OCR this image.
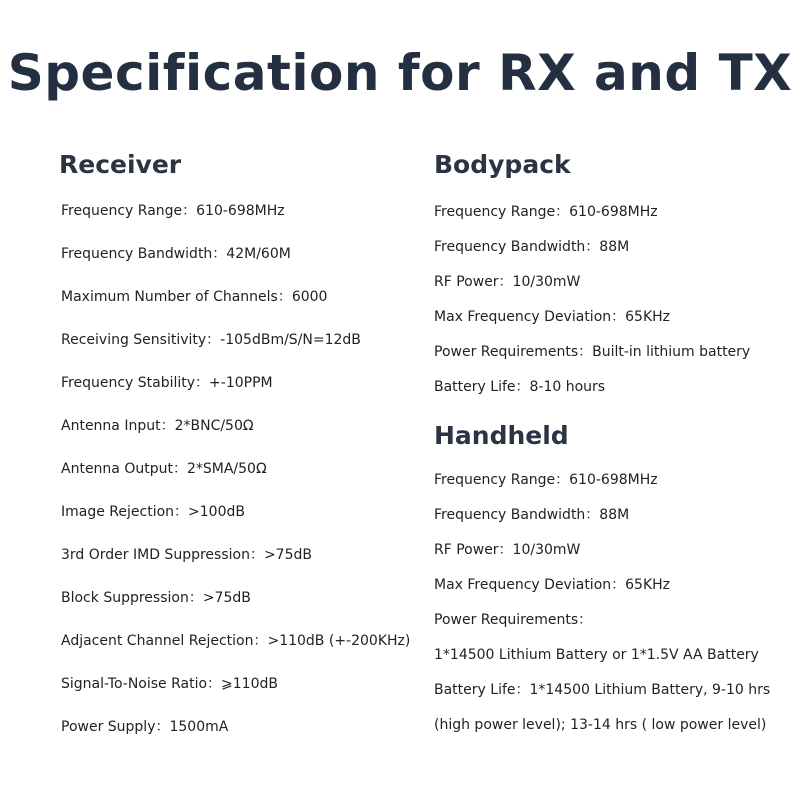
Specification for RX and TX
Receiver
Frequency Range：610-698MHz
Frequency Bandwidth：42M/60M
Maximum Number of Channels：6000
Receiving Sensitivity：-105dBm/S/N=12dB
Frequency Stability：+-10PPM
Antenna Input：2*BNC/50Ω
Antenna Output：2*SMA/50Ω
Image Rejection：>100dB
3rd Order IMD Suppression：>75dB
Block Suppression：>75dB
Adjacent Channel Rejection：>110dB (+-200KHz)
Signal-To-Noise Ratio：⩾110dB
Power Supply：1500mA
Bodypack
Frequency Range：610-698MHz
Frequency Bandwidth：88M
RF Power：10/30mW
Max Frequency Deviation：65KHz
Power Requirements：Built-in lithium battery
Battery Life：8-10 hours
Handheld
Frequency Range：610-698MHz
Frequency Bandwidth：88M
RF Power：10/30mW
Max Frequency Deviation：65KHz
Power Requirements：
1*14500 Lithium Battery or 1*1.5V AA Battery
Battery Life：1*14500 Lithium Battery, 9-10 hrs
(high power level); 13-14 hrs ( low power level)
